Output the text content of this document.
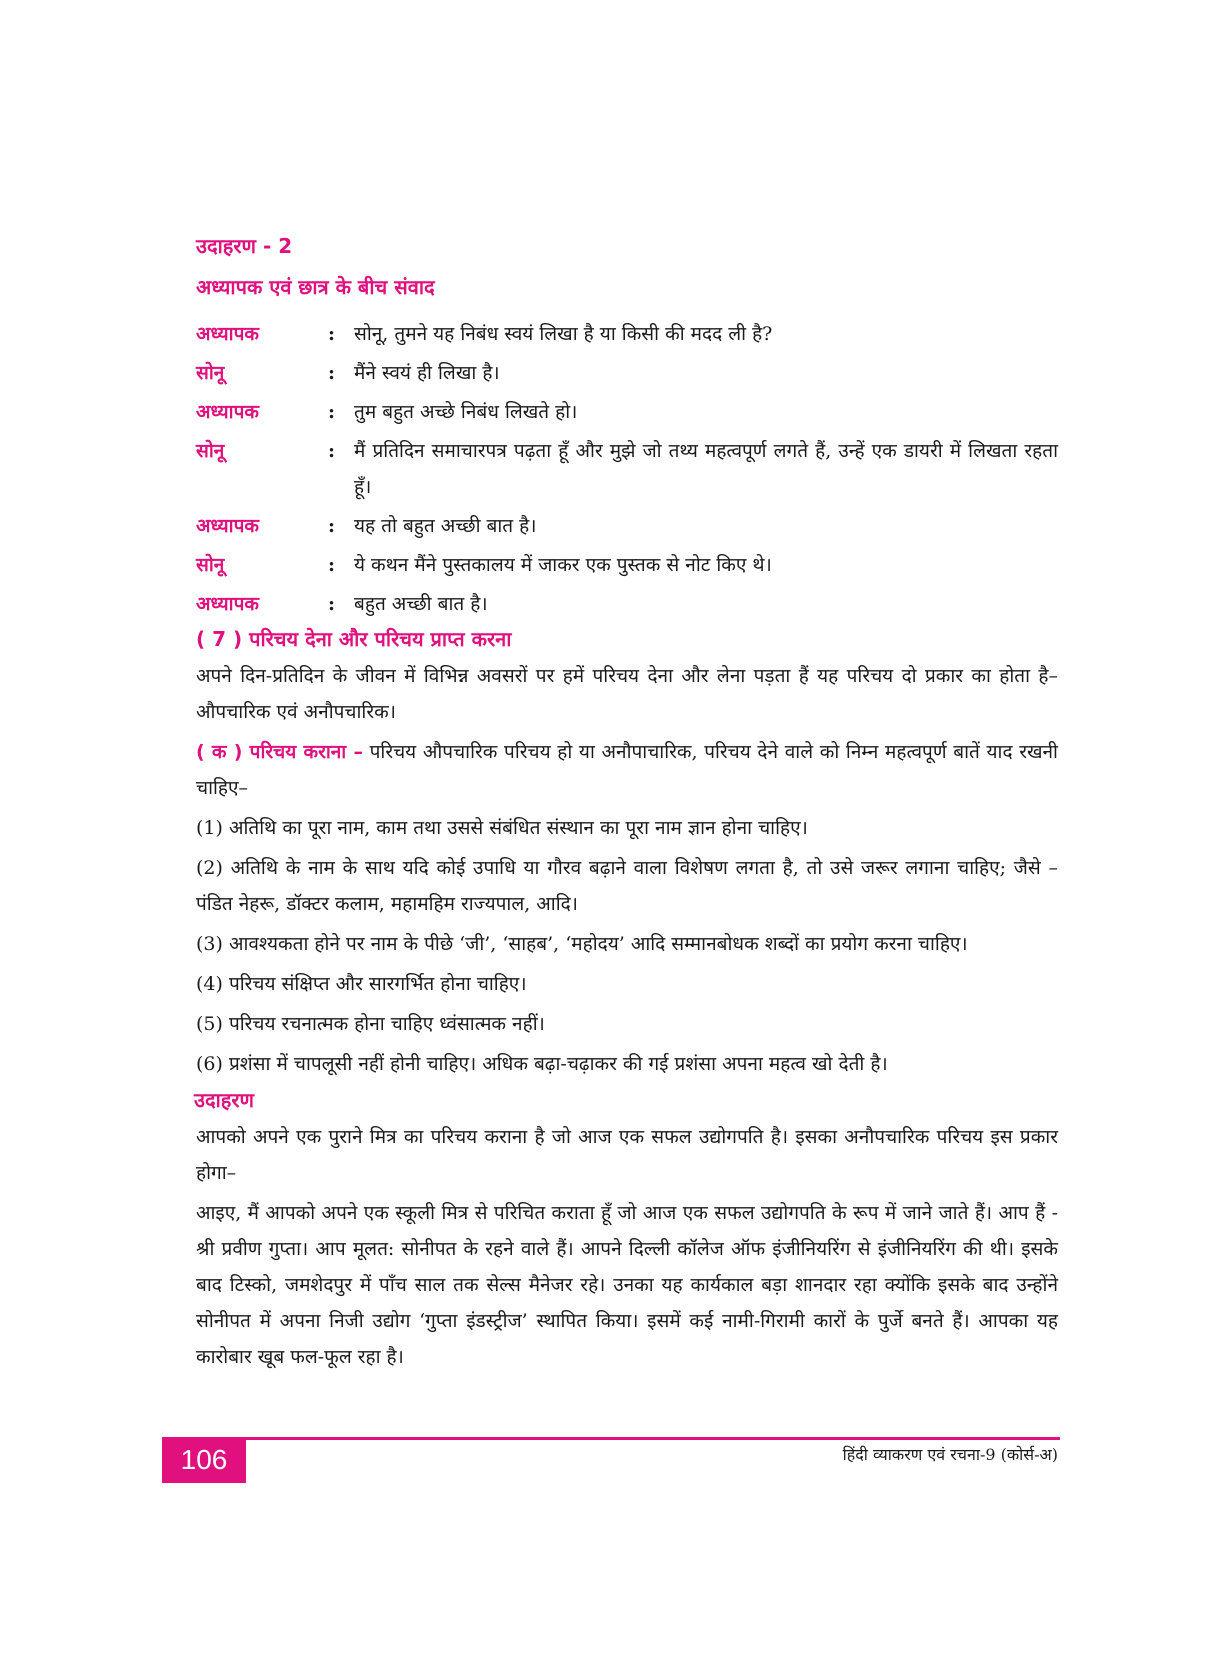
उदाहरण - 2
अध्यापक एवं छात्र के बीच संवाद
अध्यापक	: सोनू, तुमने यह निबंध स्वयं लिखा है या किसी की मदद ली है?
सोनू	: मैंने स्वयं ही लिखा है।
अध्यापक	: तुम बहुत अच्छे निबंध लिखते हो।
सोनू	: मैं प्रतिदिन समाचारपत्र पढ़ता हूँ और मुझे जो तथ्य महत्वपूर्ण लगते हैं, उन्हें एक डायरी में लिखता रहता हूँ।
अध्यापक	: यह तो बहुत अच्छी बात है।
सोनू	: ये कथन मैंने पुस्तकालय में जाकर एक पुस्तक से नोट किए थे।
अध्यापक	: बहुत अच्छी बात है।
( 7 ) परिचय देना और परिचय प्राप्त करना

अपने दिन-प्रतिदिन के जीवन में विभिन्न अवसरों पर हमें परिचय देना और लेना पड़ता हैं यह परिचय दो प्रकार का होता है– औपचारिक एवं अनौपचारिक।

( क ) परिचय कराना – परिचय औपचारिक परिचय हो या अनौपाचारिक, परिचय देने वाले को निम्न महत्वपूर्ण बातें याद रखनी चाहिए–

(1) अतिथि का पूरा नाम, काम तथा उससे संबंधित संस्थान का पूरा नाम ज्ञान होना चाहिए।
(2) अतिथि के नाम के साथ यदि कोई उपाधि या गौरव बढ़ाने वाला विशेषण लगता है, तो उसे जरूर लगाना चाहिए; जैसे – पंडित नेहरू, डॉक्टर कलाम, महामहिम राज्यपाल, आदि।
(3) आवश्यकता होने पर नाम के पीछे ‘जी’, ‘साहब’, ‘महोदय’ आदि सम्मानबोधक शब्दों का प्रयोग करना चाहिए।
(4) परिचय संक्षिप्त और सारगर्भित होना चाहिए।
(5) परिचय रचनात्मक होना चाहिए ध्वंसात्मक नहीं।
(6) प्रशंसा में चापलूसी नहीं होनी चाहिए। अधिक बढ़ा-चढ़ाकर की गई प्रशंसा अपना महत्व खो देती है।
उदाहरण

आपको अपने एक पुराने मित्र का परिचय कराना है जो आज एक सफल उद्योगपति है। इसका अनौपचारिक परिचय इस प्रकार होगा–

आइए, मैं आपको अपने एक स्कूली मित्र से परिचित कराता हूँ जो आज एक सफल उद्योगपति के रूप में जाने जाते हैं। आप हैं - श्री प्रवीण गुप्ता। आप मूलत: सोनीपत के रहने वाले हैं। आपने दिल्ली कॉलेज ऑफ इंजीनियरिंग से इंजीनियरिंग की थी। इसके बाद टिस्को, जमशेदपुर में पाँच साल तक सेल्स मैनेजर रहे। उनका यह कार्यकाल बड़ा शानदार रहा क्योंकि इसके बाद उन्होंने सोनीपत में अपना निजी उद्योग ‘गुप्ता इंडस्ट्रीज’ स्थापित किया। इसमें कई नामी-गिरामी कारों के पुर्जे बनते हैं। आपका यह कारोबार खूब फल-फूल रहा है।

106	हिंदी व्याकरण एवं रचना-9 (कोर्स-अ)
